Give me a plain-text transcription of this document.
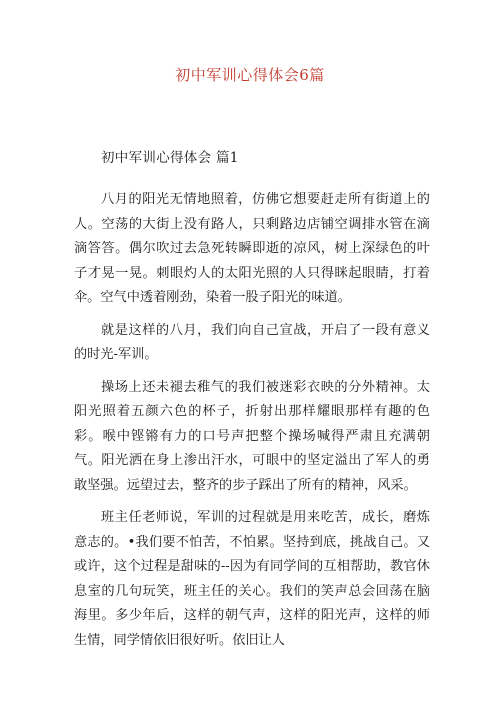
初中军训心得体会6篇
初中军训心得体会 篇1

八月的阳光无情地照着，仿佛它想要赶走所有街道上的人。空荡的大街上没有路人，只剩路边店铺空调排水管在滴滴答答。偶尔吹过去急死转瞬即逝的凉风，树上深绿色的叶子才晃一晃。刺眼灼人的太阳光照的人只得眯起眼睛，打着伞。空气中透着刚劲，染着一股子阳光的味道。

就是这样的八月，我们向自己宣战，开启了一段有意义的时光-军训。

操场上还未褪去稚气的我们被迷彩衣映的分外精神。太阳光照着五颜六色的杯子，折射出那样耀眼那样有趣的色彩。喉中铿锵有力的口号声把整个操场喊得严肃且充满朝气。阳光洒在身上渗出汗水，可眼中的坚定溢出了军人的勇敢坚强。远望过去，整齐的步子踩出了所有的精神，风采。

班主任老师说，军训的过程就是用来吃苦，成长，磨炼意志的。•我们要不怕苦，不怕累。坚持到底，挑战自己。又或许，这个过程是甜味的--因为有同学间的互相帮助，教官休息室的几句玩笑，班主任的关心。我们的笑声总会回荡在脑海里。多少年后，这样的朝气声，这样的阳光声，这样的师生情，同学情依旧很好听。依旧让人
